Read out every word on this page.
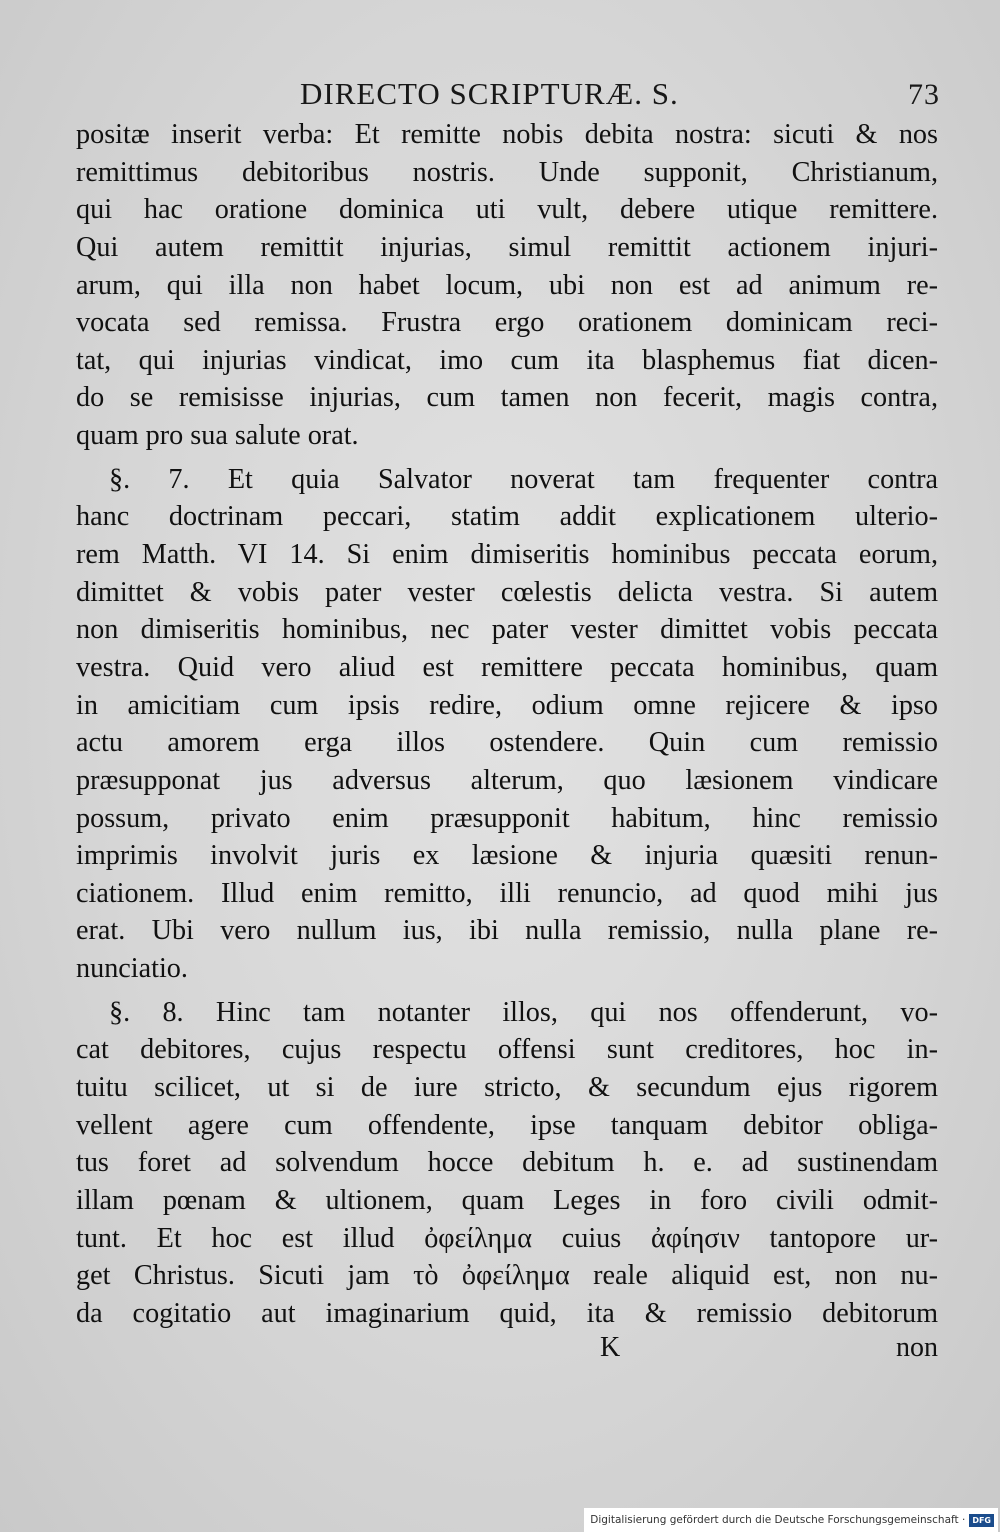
DIRECTO SCRIPTURÆ. S.	73
positæ inserit verba: Et remitte nobis debita nostra: sicuti & nos
remittimus debitoribus nostris. Unde supponit, Christianum,
qui hac oratione dominica uti vult, debere utique remittere.
Qui autem remittit injurias, simul remittit actionem injuri-
arum, qui illa non habet locum, ubi non est ad animum re-
vocata sed remissa. Frustra ergo orationem dominicam reci-
tat, qui injurias vindicat, imo cum ita blasphemus fiat dicen-
do se remisisse injurias, cum tamen non fecerit, magis contra,
quam pro sua salute orat.
§. 7. Et quia Salvator noverat tam frequenter contra
hanc doctrinam peccari, statim addit explicationem ulterio-
rem Matth. VI 14. Si enim dimiseritis hominibus peccata eorum,
dimittet & vobis pater vester cœlestis delicta vestra. Si autem
non dimiseritis hominibus, nec pater vester dimittet vobis peccata
vestra. Quid vero aliud est remittere peccata hominibus, quam
in amicitiam cum ipsis redire, odium omne rejicere & ipso
actu amorem erga illos ostendere. Quin cum remissio
præsupponat jus adversus alterum, quo læsionem vindicare
possum, privato enim præsupponit habitum, hinc remissio
imprimis involvit juris ex læsione & injuria quæsiti renun-
ciationem. Illud enim remitto, illi renuncio, ad quod mihi jus
erat. Ubi vero nullum ius, ibi nulla remissio, nulla plane re-
nunciatio.
§. 8. Hinc tam notanter illos, qui nos offenderunt, vo-
cat debitores, cujus respectu offensi sunt creditores, hoc in-
tuitu scilicet, ut si de iure stricto, & secundum ejus rigorem
vellent agere cum offendente, ipse tanquam debitor obliga-
tus foret ad solvendum hocce debitum h. e. ad sustinendam
illam pœnam & ultionem, quam Leges in foro civili odmit-
tunt. Et hoc est illud ὀφείλημα cuius ἀφίησιν tantopore ur-
get Christus. Sicuti jam τὸ ὀφείλημα reale aliquid est, non nu-
da cogitatio aut imaginarium quid, ita & remissio debitorum
K	non
Digitalisierung gefördert durch die Deutsche Forschungsgemeinschaft · DFG
